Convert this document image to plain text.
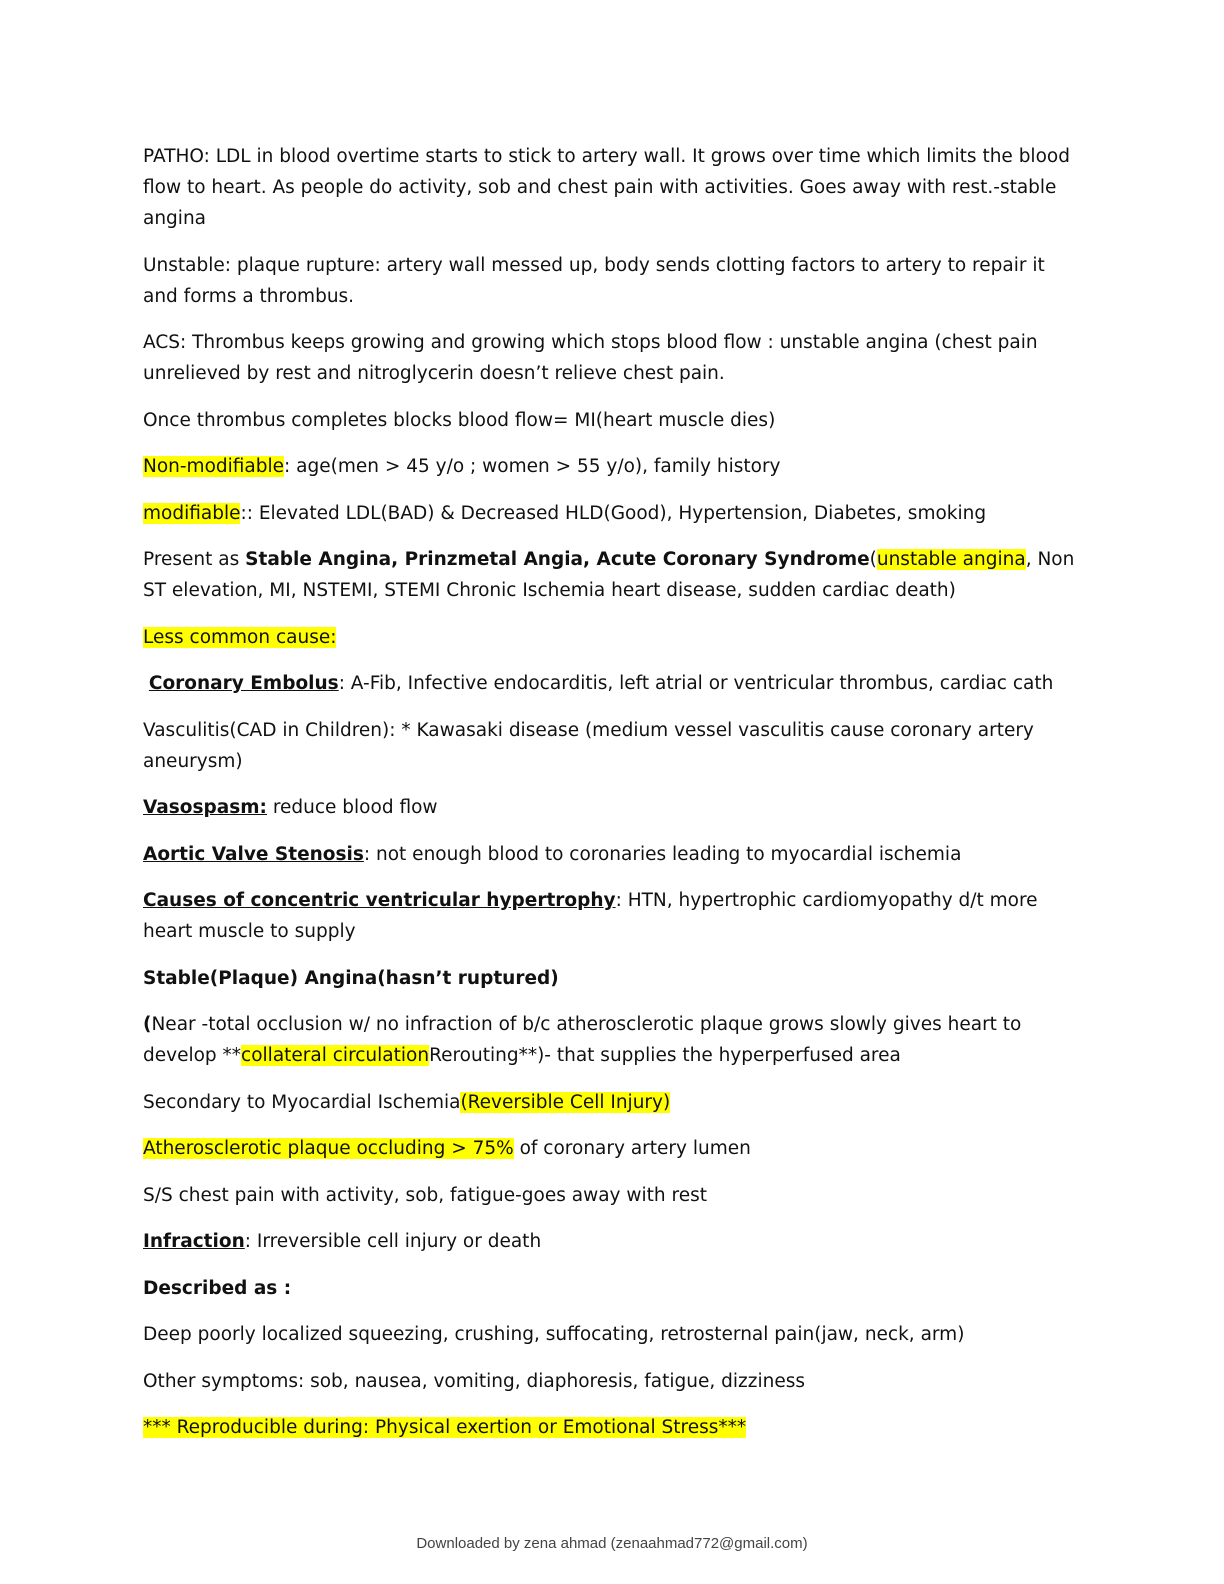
PATHO: LDL in blood overtime starts to stick to artery wall. It grows over time which limits the blood flow to heart. As people do activity, sob and chest pain with activities. Goes away with rest.-stable angina

Unstable: plaque rupture: artery wall messed up, body sends clotting factors to artery to repair it and forms a thrombus.

ACS: Thrombus keeps growing and growing which stops blood flow : unstable angina (chest pain unrelieved by rest and nitroglycerin doesn’t relieve chest pain.

Once thrombus completes blocks blood flow= MI(heart muscle dies)

Non-modifiable: age(men > 45 y/o ; women > 55 y/o), family history

modifiable:: Elevated LDL(BAD) & Decreased HLD(Good), Hypertension, Diabetes, smoking

Present as Stable Angina, Prinzmetal Angia, Acute Coronary Syndrome(unstable angina, Non ST elevation, MI, NSTEMI, STEMI Chronic Ischemia heart disease, sudden cardiac death)

Less common cause:

Coronary Embolus: A-Fib, Infective endocarditis, left atrial or ventricular thrombus, cardiac cath

Vasculitis(CAD in Children): * Kawasaki disease (medium vessel vasculitis cause coronary artery aneurysm)

Vasospasm: reduce blood flow

Aortic Valve Stenosis: not enough blood to coronaries leading to myocardial ischemia

Causes of concentric ventricular hypertrophy: HTN, hypertrophic cardiomyopathy d/t more heart muscle to supply

Stable(Plaque) Angina(hasn’t ruptured)

(Near -total occlusion w/ no infraction of b/c atherosclerotic plaque grows slowly gives heart to develop **collateral circulationRerouting**)- that supplies the hyperperfused area

Secondary to Myocardial Ischemia(Reversible Cell Injury)

Atherosclerotic plaque occluding > 75% of coronary artery lumen

S/S chest pain with activity, sob, fatigue-goes away with rest

Infraction: Irreversible cell injury or death

Described as :

Deep poorly localized squeezing, crushing, suffocating, retrosternal pain(jaw, neck, arm)

Other symptoms: sob, nausea, vomiting, diaphoresis, fatigue, dizziness

*** Reproducible during: Physical exertion or Emotional Stress***

Downloaded by zena ahmad (zenaahmad772@gmail.com)
